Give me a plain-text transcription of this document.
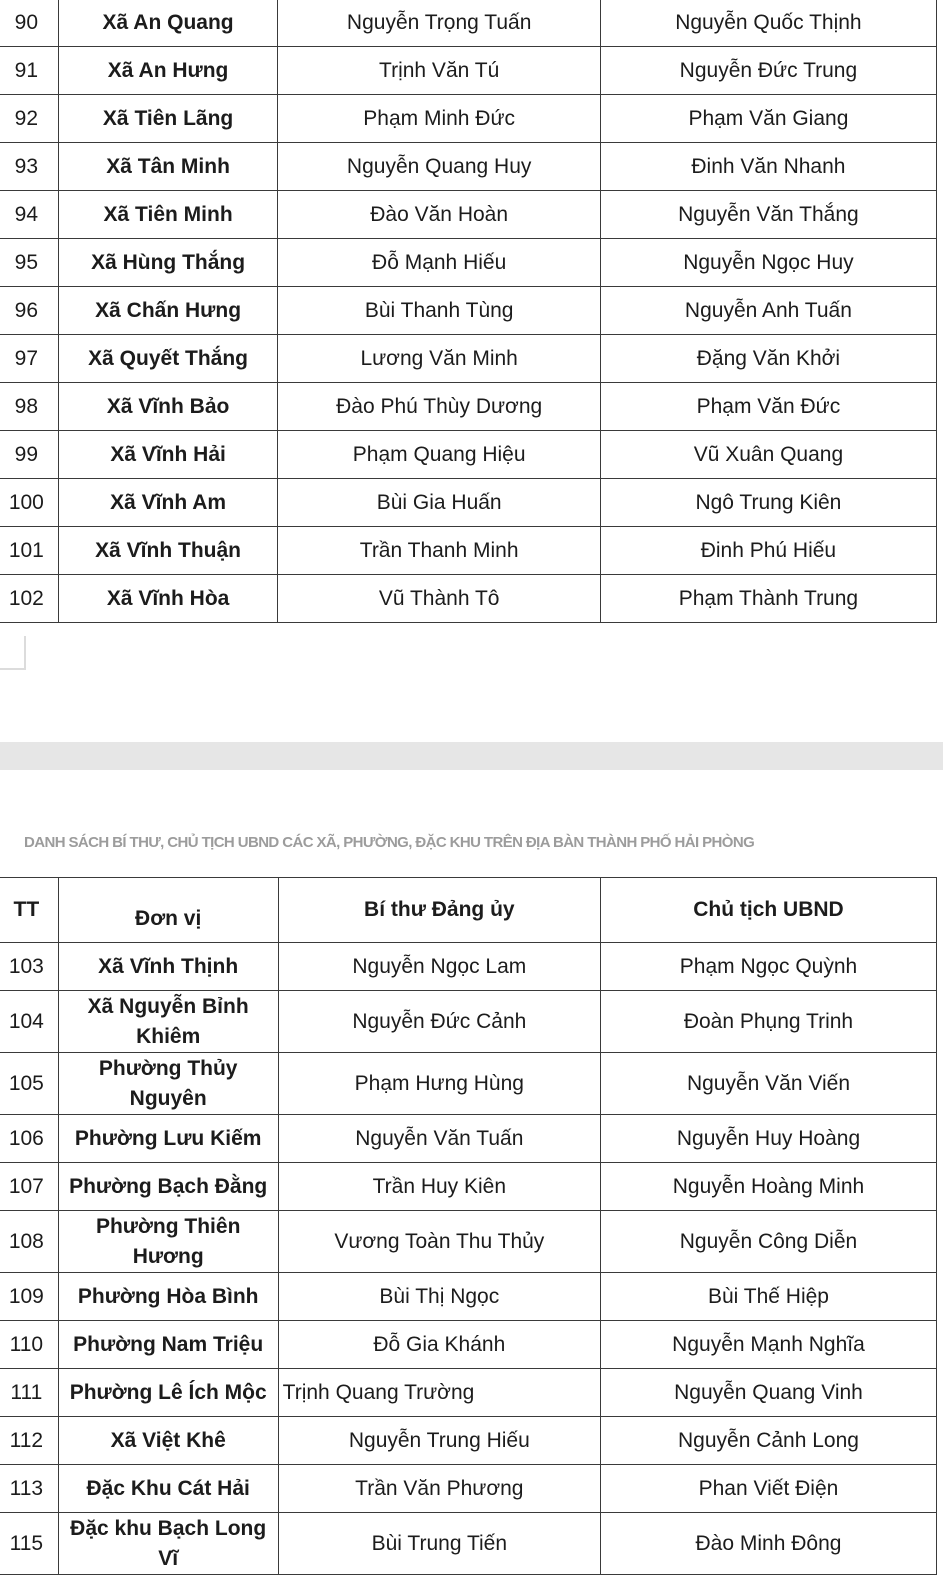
90	Xã An Quang	Nguyễn Trọng Tuấn	Nguyễn Quốc Thịnh
91	Xã An Hưng	Trịnh Văn Tú	Nguyễn Đức Trung
92	Xã Tiên Lãng	Phạm Minh Đức	Phạm Văn Giang
93	Xã Tân Minh	Nguyễn Quang Huy	Đinh Văn Nhanh
94	Xã Tiên Minh	Đào Văn Hoàn	Nguyễn Văn Thắng
95	Xã Hùng Thắng	Đỗ Mạnh Hiếu	Nguyễn Ngọc Huy
96	Xã Chấn Hưng	Bùi Thanh Tùng	Nguyễn Anh Tuấn
97	Xã Quyết Thắng	Lương Văn Minh	Đặng Văn Khởi
98	Xã Vĩnh Bảo	Đào Phú Thùy Dương	Phạm Văn Đức
99	Xã Vĩnh Hải	Phạm Quang Hiệu	Vũ Xuân Quang
100	Xã Vĩnh Am	Bùi Gia Huấn	Ngô Trung Kiên
101	Xã Vĩnh Thuận	Trần Thanh Minh	Đinh Phú Hiếu
102	Xã Vĩnh Hòa	Vũ Thành Tô	Phạm Thành Trung
DANH SÁCH BÍ THƯ, CHỦ TỊCH UBND CÁC XÃ, PHƯỜNG, ĐẶC KHU TRÊN ĐỊA BÀN THÀNH PHỐ HẢI PHÒNG
TT	Đơn vị	Bí thư Đảng ủy	Chủ tịch UBND
103	Xã Vĩnh Thịnh	Nguyễn Ngọc Lam	Phạm Ngọc Quỳnh
104	Xã Nguyễn Bỉnh Khiêm	Nguyễn Đức Cảnh	Đoàn Phụng Trinh
105	Phường Thủy Nguyên	Phạm Hưng Hùng	Nguyễn Văn Viến
106	Phường Lưu Kiếm	Nguyễn Văn Tuấn	Nguyễn Huy Hoàng
107	Phường Bạch Đằng	Trần Huy Kiên	Nguyễn Hoàng Minh
108	Phường Thiên Hương	Vương Toàn Thu Thủy	Nguyễn Công Diễn
109	Phường Hòa Bình	Bùi Thị Ngọc	Bùi Thế Hiệp
110	Phường Nam Triệu	Đỗ Gia Khánh	Nguyễn Mạnh Nghĩa
111	Phường Lê Ích Mộc	Trịnh Quang Trường	Nguyễn Quang Vinh
112	Xã Việt Khê	Nguyễn Trung Hiếu	Nguyễn Cảnh Long
113	Đặc Khu Cát Hải	Trần Văn Phương	Phan Viết Điện
115	Đặc khu Bạch Long Vĩ	Bùi Trung Tiến	Đào Minh Đông
